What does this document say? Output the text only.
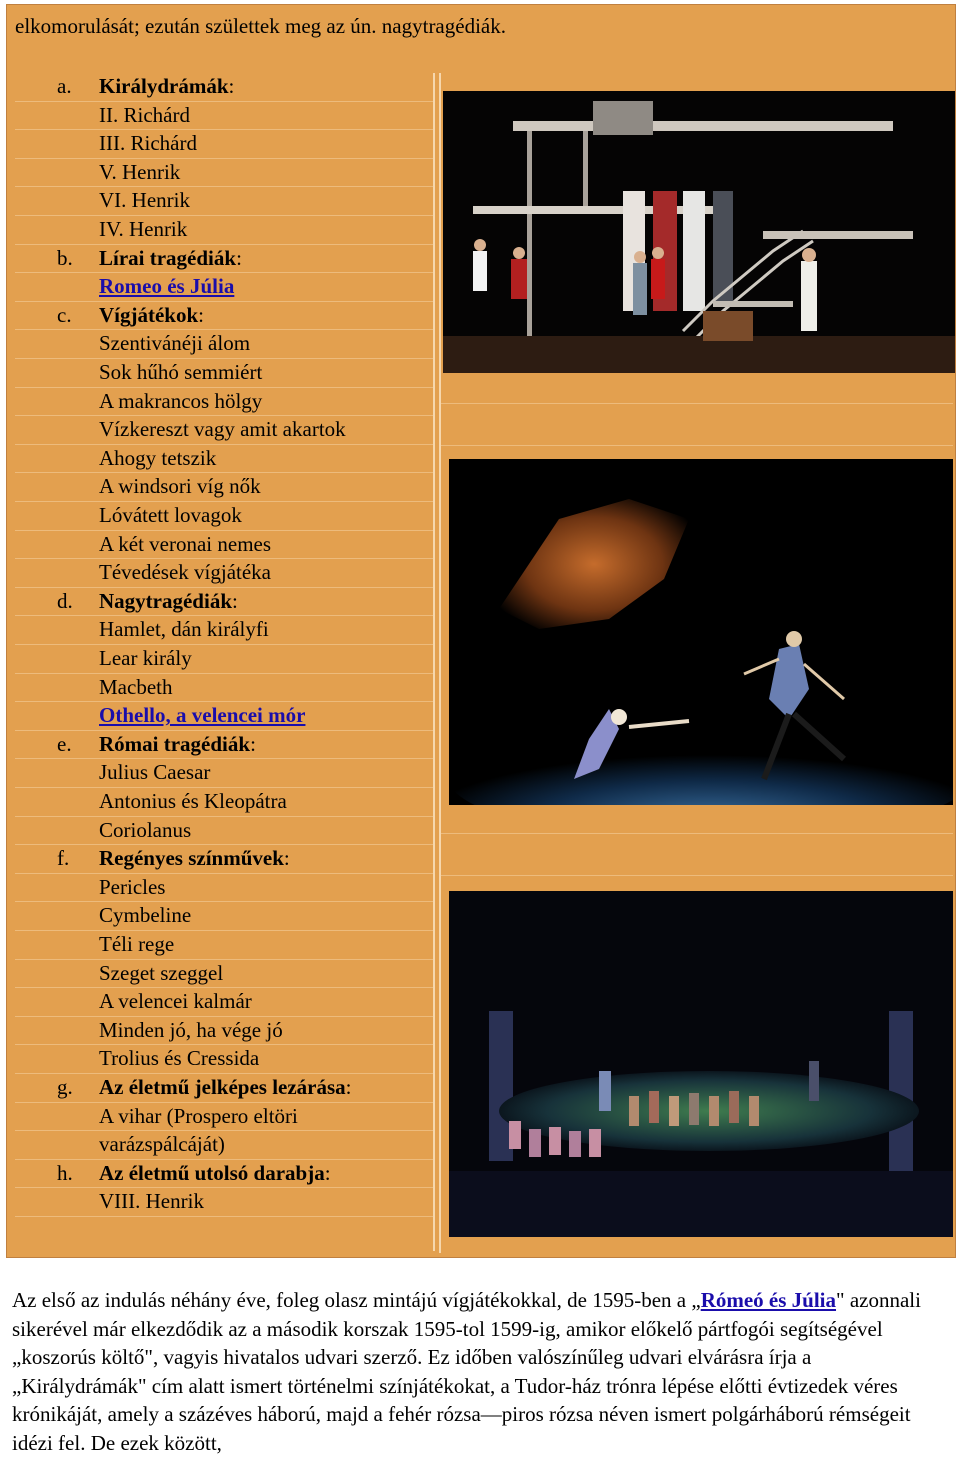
elkomorulását; ezután születtek meg az ún. nagytragédiák.
a.	Királydrámák:
II. Richárd
III. Richárd
V. Henrik
VI. Henrik
IV. Henrik
b.	Lírai tragédiák:
Romeo és Júlia
c.	Vígjátékok:
Szentivánéji álom
Sok hűhó semmiért
A makrancos hölgy
Vízkereszt vagy amit akartok
Ahogy tetszik
A windsori víg nők
Lóvátett lovagok
A két veronai nemes
Tévedések vígjátéka
d.	Nagytragédiák:
Hamlet, dán királyfi
Lear király
Macbeth
Othello, a velencei mór
e.	Római tragédiák:
Julius Caesar
Antonius és Kleopátra
Coriolanus
f.	Regényes színművek:
Pericles
Cymbeline
Téli rege
Szeget szeggel
A velencei kalmár
Minden jó, ha vége jó
Trolius és Cressida
g.	Az életmű jelképes lezárása:
A vihar (Prospero eltöri
varázspálcáját)
h.	Az életmű utolsó darabja:
VIII. Henrik

Az első az indulás néhány éve, foleg olasz mintájú vígjátékokkal, de 1595-ben a „Rómeó és Júlia" azonnali sikerével már elkezdődik az a második korszak 1595-tol 1599-ig, amikor előkelő pártfogói segítségével „koszorús költő", vagyis hivatalos udvari szerző. Ez időben valószínűleg udvari elvárásra írja a „Királydrámák" cím alatt ismert történelmi színjátékokat, a Tudor-ház trónra lépése előtti évtizedek véres krónikáját, amely a százéves háború, majd a fehér rózsa—piros rózsa néven ismert polgárháború rémségeit idézi fel. De ezek között,
